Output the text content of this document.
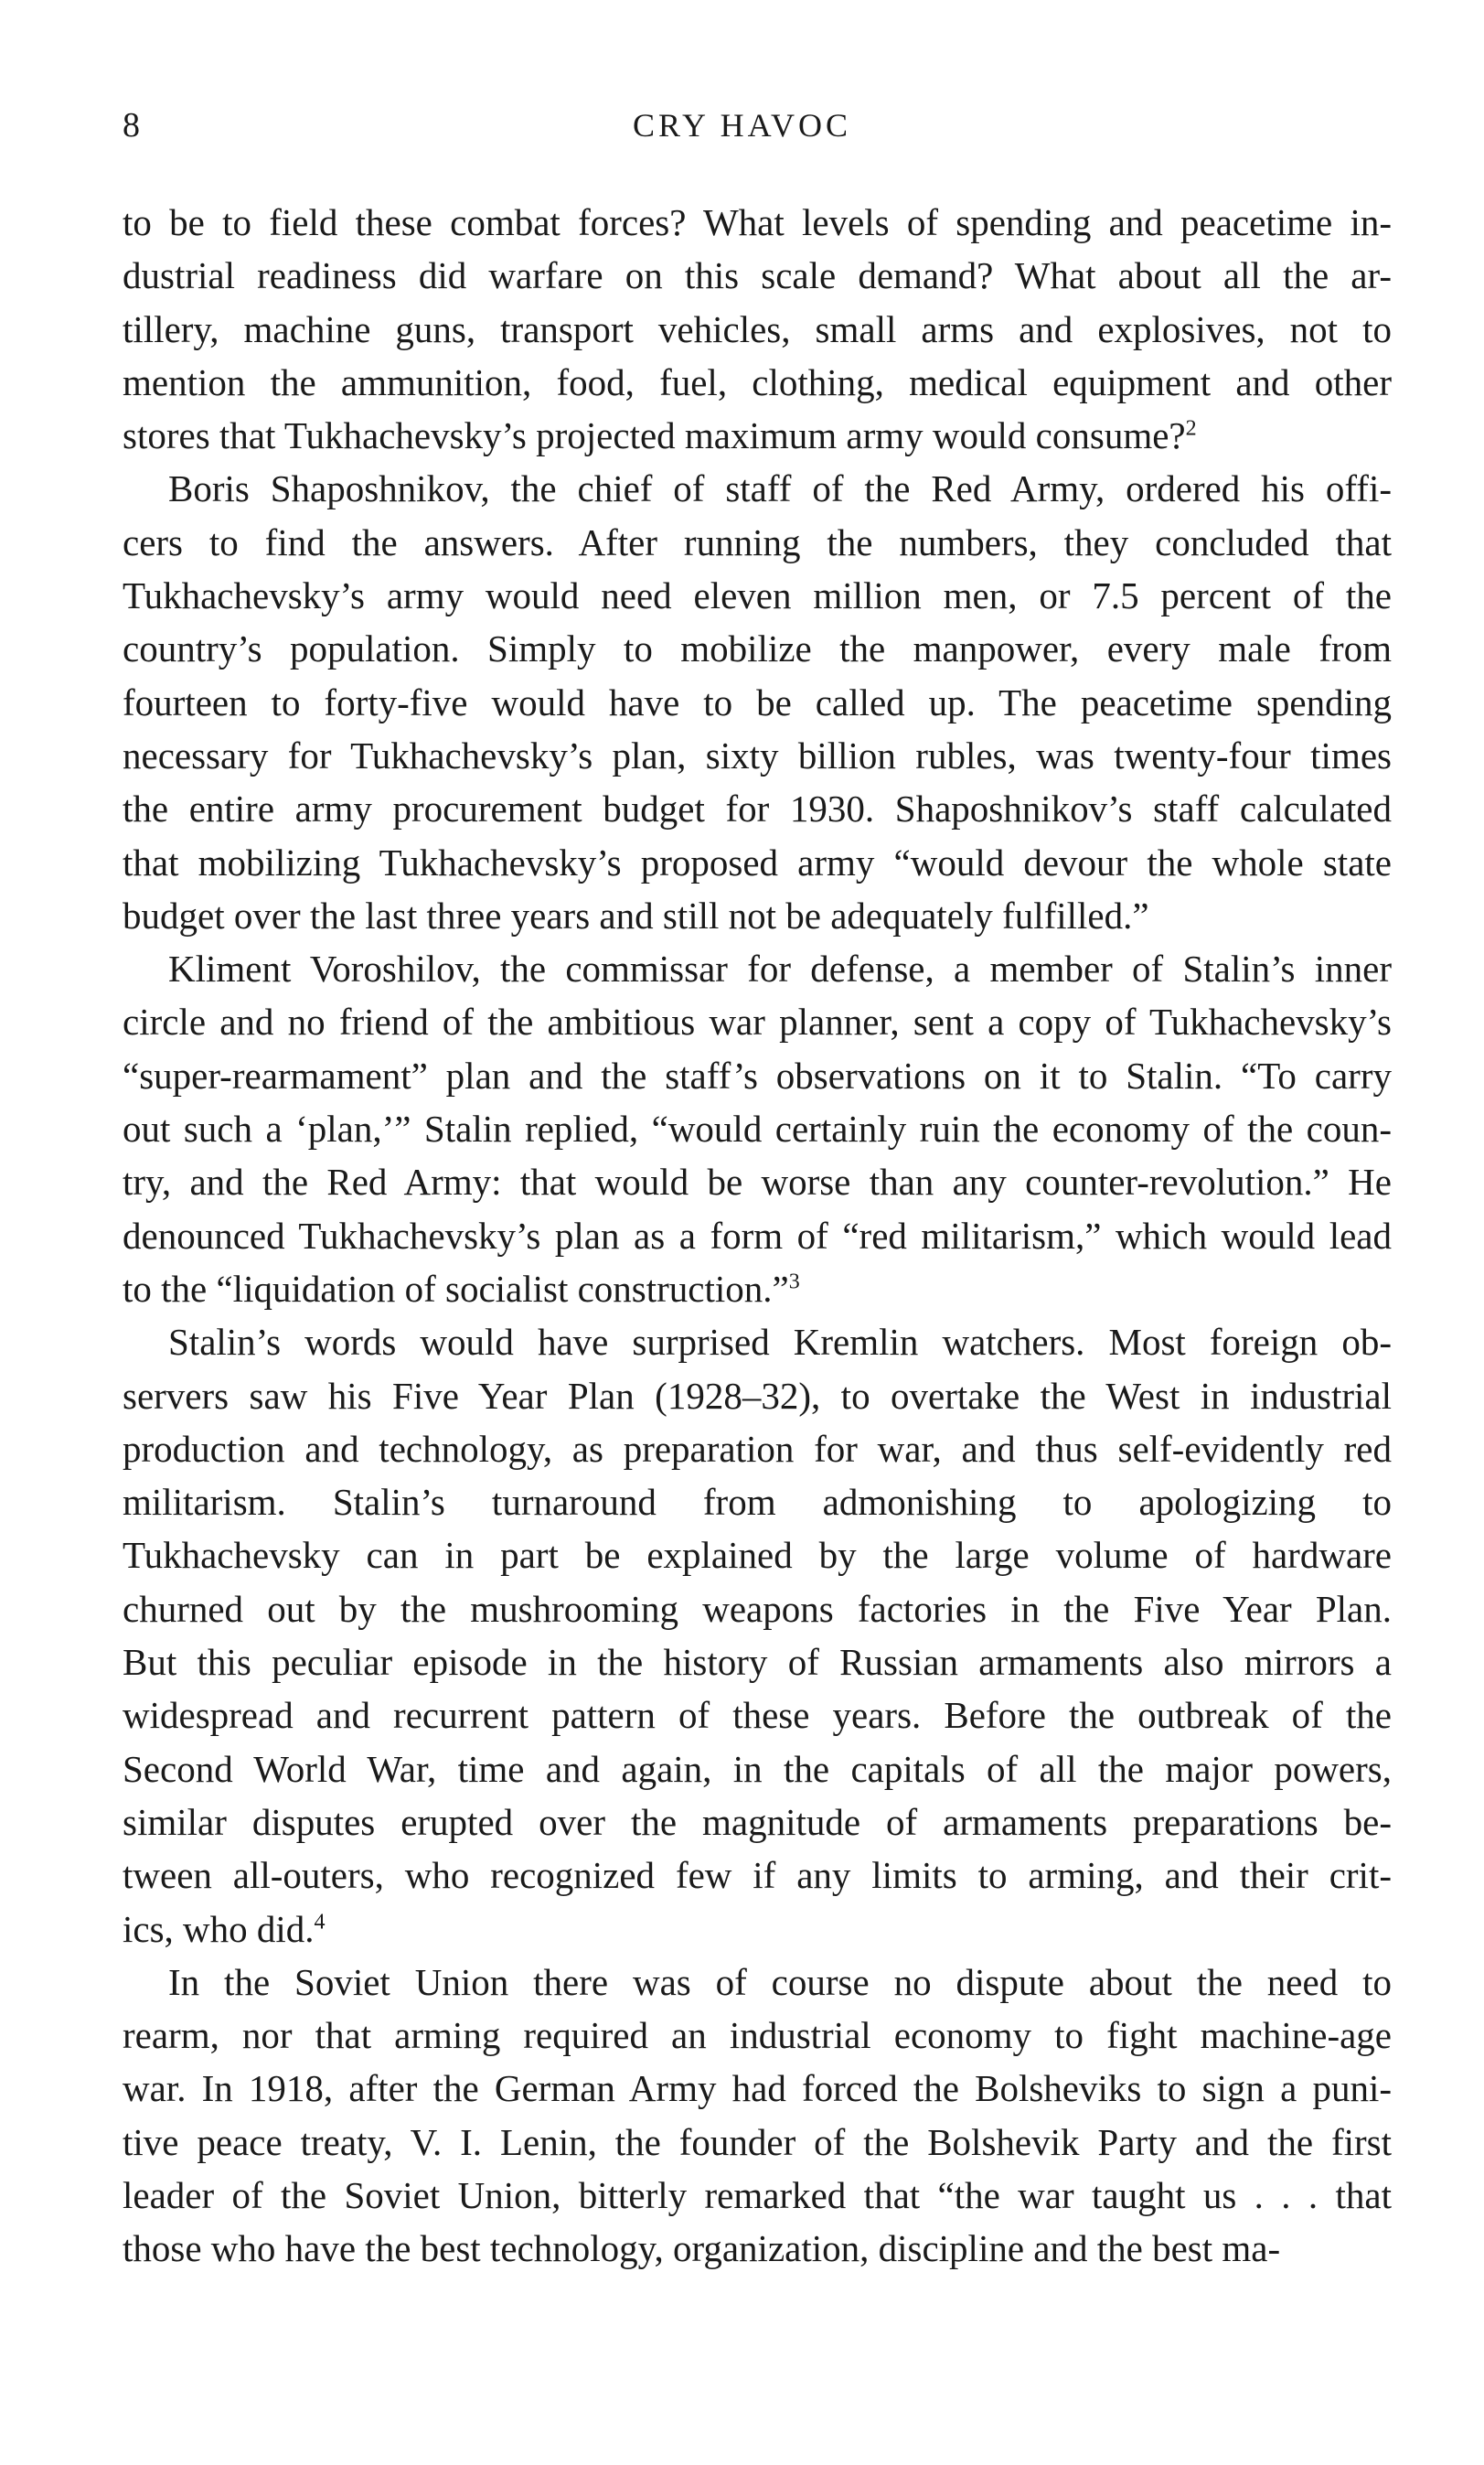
8	CRY HAVOC
to be to field these combat forces? What levels of spending and peacetime in-
dustrial readiness did warfare on this scale demand? What about all the ar-
tillery, machine guns, transport vehicles, small arms and explosives, not to
mention the ammunition, food, fuel, clothing, medical equipment and other
stores that Tukhachevsky’s projected maximum army would consume?$^2$
Boris Shaposhnikov, the chief of staff of the Red Army, ordered his offi-
cers to find the answers. After running the numbers, they concluded that
Tukhachevsky’s army would need eleven million men, or 7.5 percent of the
country’s population. Simply to mobilize the manpower, every male from
fourteen to forty-five would have to be called up. The peacetime spending
necessary for Tukhachevsky’s plan, sixty billion rubles, was twenty-four times
the entire army procurement budget for 1930. Shaposhnikov’s staff calculated
that mobilizing Tukhachevsky’s proposed army “would devour the whole state
budget over the last three years and still not be adequately fulfilled.”
Kliment Voroshilov, the commissar for defense, a member of Stalin’s inner
circle and no friend of the ambitious war planner, sent a copy of Tukhachevsky’s
“super-rearmament” plan and the staff’s observations on it to Stalin. “To carry
out such a ‘plan,’” Stalin replied, “would certainly ruin the economy of the coun-
try, and the Red Army: that would be worse than any counter-revolution.” He
denounced Tukhachevsky’s plan as a form of “red militarism,” which would lead
to the “liquidation of socialist construction.”$^3$
Stalin’s words would have surprised Kremlin watchers. Most foreign ob-
servers saw his Five Year Plan (1928–32), to overtake the West in industrial
production and technology, as preparation for war, and thus self-evidently red
militarism. Stalin’s turnaround from admonishing to apologizing to
Tukhachevsky can in part be explained by the large volume of hardware
churned out by the mushrooming weapons factories in the Five Year Plan.
But this peculiar episode in the history of Russian armaments also mirrors a
widespread and recurrent pattern of these years. Before the outbreak of the
Second World War, time and again, in the capitals of all the major powers,
similar disputes erupted over the magnitude of armaments preparations be-
tween all-outers, who recognized few if any limits to arming, and their crit-
ics, who did.$^4$
In the Soviet Union there was of course no dispute about the need to
rearm, nor that arming required an industrial economy to fight machine-age
war. In 1918, after the German Army had forced the Bolsheviks to sign a puni-
tive peace treaty, V. I. Lenin, the founder of the Bolshevik Party and the first
leader of the Soviet Union, bitterly remarked that “the war taught us . . . that
those who have the best technology, organization, discipline and the best ma-
